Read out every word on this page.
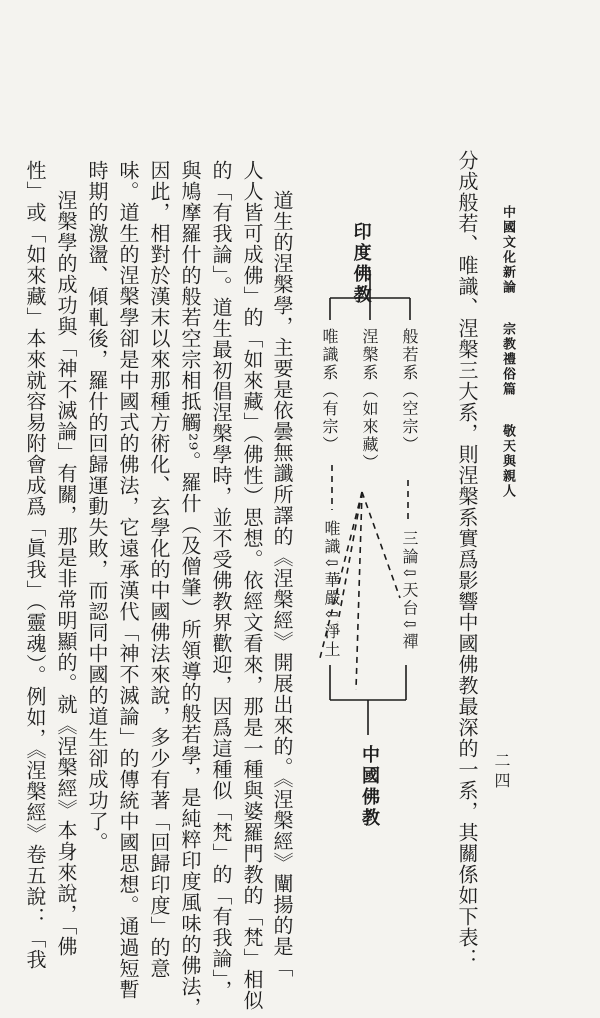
中國文化新論  宗教禮俗篇  敬天與親人
二四
分成般若、唯識、涅槃三大系，則涅槃系實爲影響中國佛教最深的一系，其關係如下表：
印度佛教
般若系（空宗）
涅槃系（如來藏）
唯識系（有宗）
三論⇩天台⇩禪
唯識⇩華嚴⇩淨土
中國佛教
道生的涅槃學，主要是依曇無讖所譯的《涅槃經》開展出來的。《涅槃經》闡揚的是「
人人皆可成佛」的「如來藏」（佛性）思想。依經文看來，那是一種與婆羅門教的「梵」相似
的「有我論」。道生最初倡涅槃學時，並不受佛教界歡迎，因爲這種似「梵」的「有我論」，
與鳩摩羅什的般若空宗相抵觸²⁹。羅什（及僧肇）所領導的般若學，是純粹印度風味的佛法，
因此，相對於漢末以來那種方術化、玄學化的中國佛法來說，多少有著「回歸印度」的意
味。道生的涅槃學卻是中國式的佛法，它遠承漢代「神不滅論」的傳統中國思想。通過短暫
時期的激盪、傾軋後，羅什的回歸運動失敗，而認同中國的道生卻成功了。
涅槃學的成功與「神不滅論」有關，那是非常明顯的。就《涅槃經》本身來說，「佛
性」或「如來藏」本來就容易附會成爲「眞我」（靈魂）。例如，《涅槃經》卷五說：「我
